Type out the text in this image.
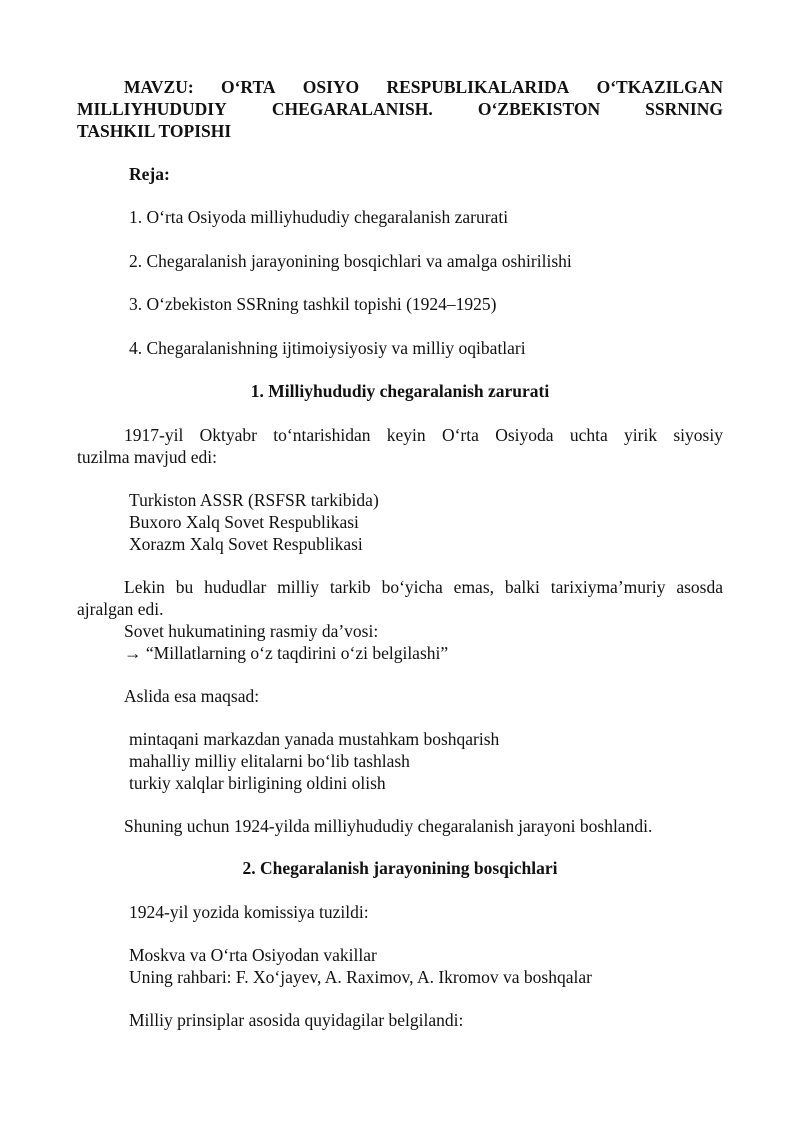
MAVZU: O‘RTA OSIYO RESPUBLIKALARIDA O‘TKAZILGAN
MILLIYHUDUDIY	CHEGARALANISH.	O‘ZBEKISTON	SSRNING
TASHKIL TOPISHI
Reja:
1. O‘rta Osiyoda milliyhududiy chegaralanish zarurati
2. Chegaralanish jarayonining bosqichlari va amalga oshirilishi
3. O‘zbekiston SSRning tashkil topishi (1924–1925)
4. Chegaralanishning ijtimoiysiyosiy va milliy oqibatlari
1. Milliyhududiy chegaralanish zarurati
1917-yil Oktyabr to‘ntarishidan keyin O‘rta Osiyoda uchta yirik siyosiy
tuzilma mavjud edi:
Turkiston ASSR (RSFSR tarkibida)
Buxoro Xalq Sovet Respublikasi
Xorazm Xalq Sovet Respublikasi
Lekin bu hududlar milliy tarkib bo‘yicha emas, balki tarixiyma’muriy asosda
ajralgan edi.
Sovet hukumatining rasmiy da’vosi:
→ “Millatlarning o‘z taqdirini o‘zi belgilashi”
Aslida esa maqsad:
mintaqani markazdan yanada mustahkam boshqarish
mahalliy milliy elitalarni bo‘lib tashlash
turkiy xalqlar birligining oldini olish
Shuning uchun 1924-yilda milliyhududiy chegaralanish jarayoni boshlandi.
2. Chegaralanish jarayonining bosqichlari
1924-yil yozida komissiya tuzildi:
Moskva va O‘rta Osiyodan vakillar
Uning rahbari: F. Xo‘jayev, A. Raximov, A. Ikromov va boshqalar
Milliy prinsiplar asosida quyidagilar belgilandi:
